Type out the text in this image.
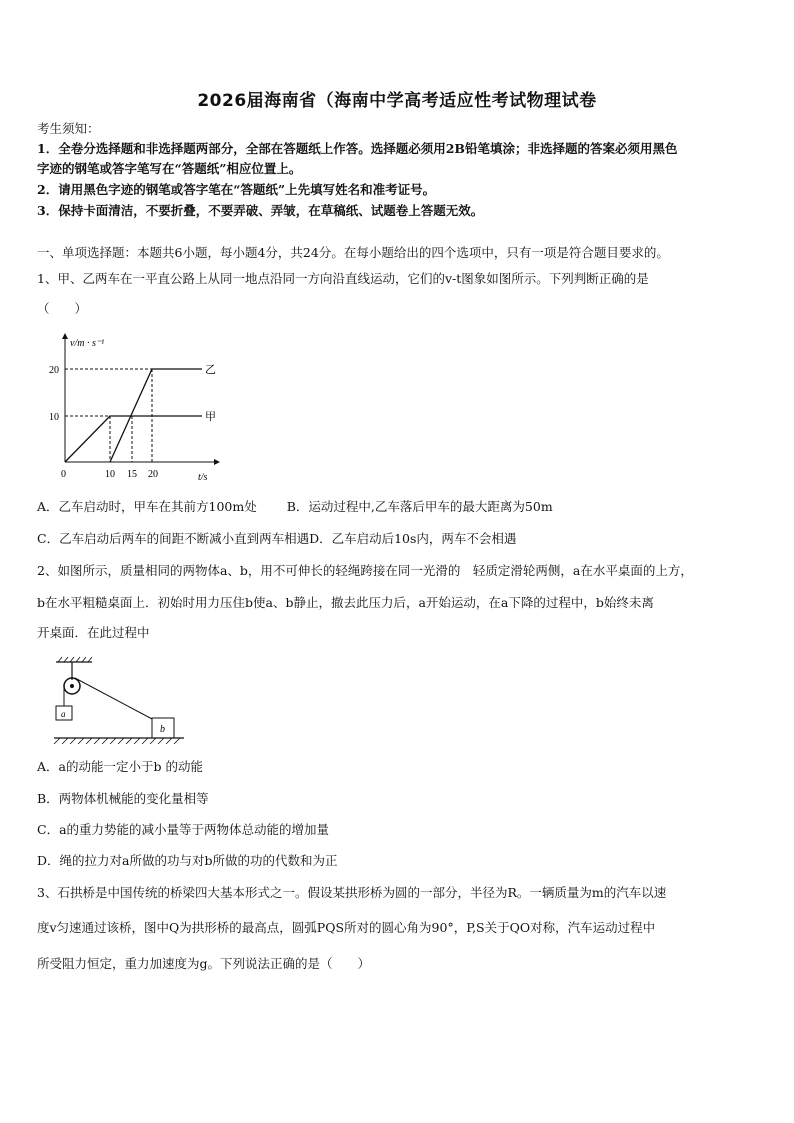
2026届海南省（海南中学高考适应性考试物理试卷
考生须知：
1．全卷分选择题和非选择题两部分，全部在答题纸上作答。选择题必须用2B铅笔填涂；非选择题的答案必须用黑色
字迹的钢笔或答字笔写在“答题纸”相应位置上。
2．请用黑色字迹的钢笔或答字笔在“答题纸”上先填写姓名和准考证号。
3．保持卡面清洁，不要折叠，不要弄破、弄皱，在草稿纸、试题卷上答题无效。
一、单项选择题：本题共6小题，每小题4分，共24分。在每小题给出的四个选项中，只有一项是符合题目要求的。
1、甲、乙两车在一平直公路上从同一地点沿同一方向沿直线运动，它们的v-t图象如图所示。下列判断正确的是
（　　）
v/m · s⁻¹
t/s
20
10
0	10 15 20
乙
甲
A．乙车启动时，甲车在其前方100m处 B．运动过程中,乙车落后甲车的最大距离为50m
C．乙车启动后两车的间距不断减小直到两车相遇D．乙车启动后10s内，两车不会相遇
2、如图所示，质量相同的两物体a、b，用不可伸长的轻绳跨接在同一光滑的　轻质定滑轮两侧，a在水平桌面的上方，
b在水平粗糙桌面上．初始时用力压住b使a、b静止，撤去此压力后，a开始运动，在a下降的过程中，b始终未离
开桌面．在此过程中
a
b
A．a的动能一定小于b 的动能
B．两物体机械能的变化量相等
C．a的重力势能的减小量等于两物体总动能的增加量
D．绳的拉力对a所做的功与对b所做的功的代数和为正
3、石拱桥是中国传统的桥梁四大基本形式之一。假设某拱形桥为圆的一部分，半径为R。一辆质量为m的汽车以速
度v匀速通过该桥，图中Q为拱形桥的最高点，圆弧PQS所对的圆心角为90°，P,S关于QO对称，汽车运动过程中
所受阻力恒定，重力加速度为g。下列说法正确的是（　　）
